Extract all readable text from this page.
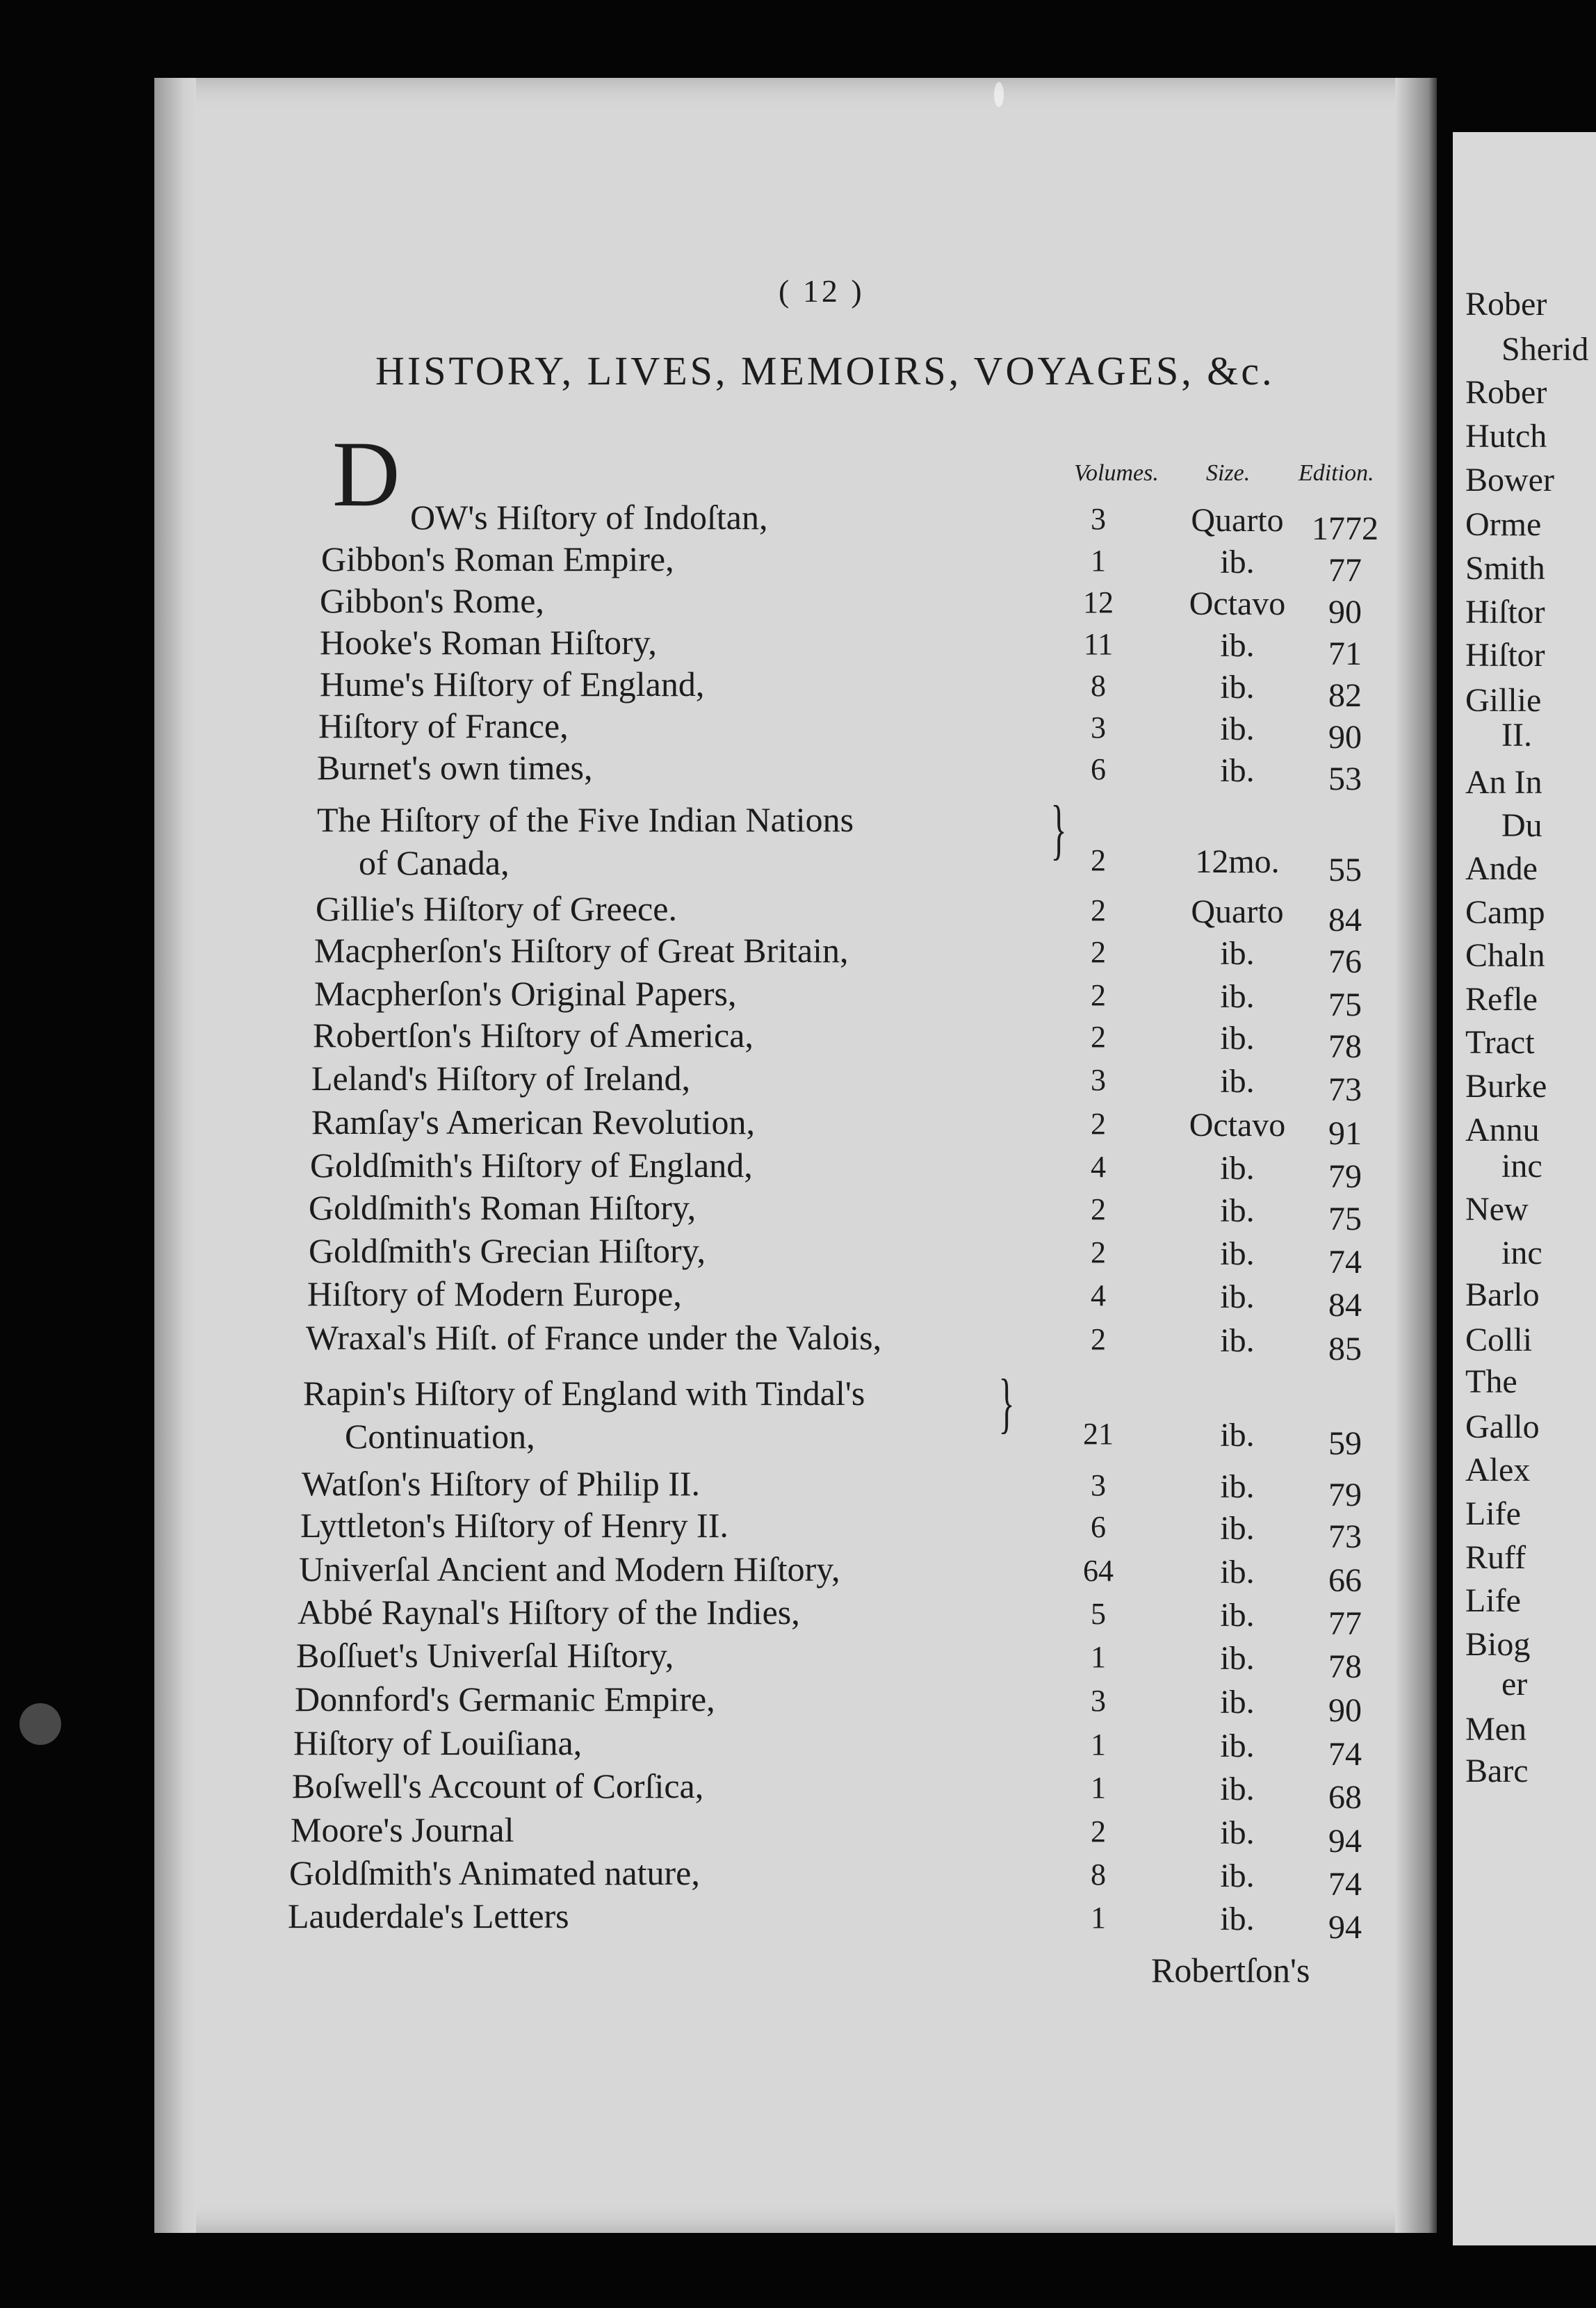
Rober
Sherid
Rober
Hutch
Bower
Orme
Smith
Hiſtor
Hiſtor
Gillie
II.
An In
Du
Ande
Camp
Chaln
Refle
Tract
Burke
Annu
inc
New
inc
Barlo
Colli
The
Gallo
Alex
Life
Ruff
Life
Biog
er
Men
Barc
( 12 )
HISTORY, LIVES, MEMOIRS, VOYAGES, &c.
Volumes. Size. Edition.
D OW's Hiſtory of Indoſtan,	3	Quarto 1772
Gibbon's Roman Empire,	1	ib. 77
Gibbon's Rome,	12 Octavo 90
Hooke's Roman Hiſtory,	11	ib. 71
Hume's Hiſtory of England,	8	ib. 82
Hiſtory of France,	3	ib. 90
Burnet's own times,	6	ib. 53
The Hiſtory of the Five Indian Nations
of Canada,	} 2	12mo. 55
Gillie's Hiſtory of Greece.	2	Quarto 84
Macpherſon's Hiſtory of Great Britain,	2	ib. 76
Macpherſon's Original Papers,	2	ib. 75
Robertſon's Hiſtory of America,	2	ib. 78
Leland's Hiſtory of Ireland,	3	ib. 73
Ramſay's American Revolution,	2 Octavo 91
Goldſmith's Hiſtory of England,	4	ib. 79
Goldſmith's Roman Hiſtory,	2	ib. 75
Goldſmith's Grecian Hiſtory,	2	ib. 74
Hiſtory of Modern Europe,	4	ib. 84
Wraxal's Hiſt. of France under the Valois,	2	ib. 85
Rapin's Hiſtory of England with Tindal's
Continuation,	} 21	ib. 59
Watſon's Hiſtory of Philip II.	3	ib. 79
Lyttleton's Hiſtory of Henry II.	6	ib. 73
Univerſal Ancient and Modern Hiſtory,	64	ib. 66
Abbé Raynal's Hiſtory of the Indies,	5	ib. 77
Boſſuet's Univerſal Hiſtory,	1	ib. 78
Donnford's Germanic Empire,	3	ib. 90
Hiſtory of Louiſiana,	1	ib. 74
Boſwell's Account of Corſica,	1	ib. 68
Moore's Journal	2	ib. 94
Goldſmith's Animated nature,	8	ib. 74
Lauderdale's Letters	1	ib. 94
Robertſon's
